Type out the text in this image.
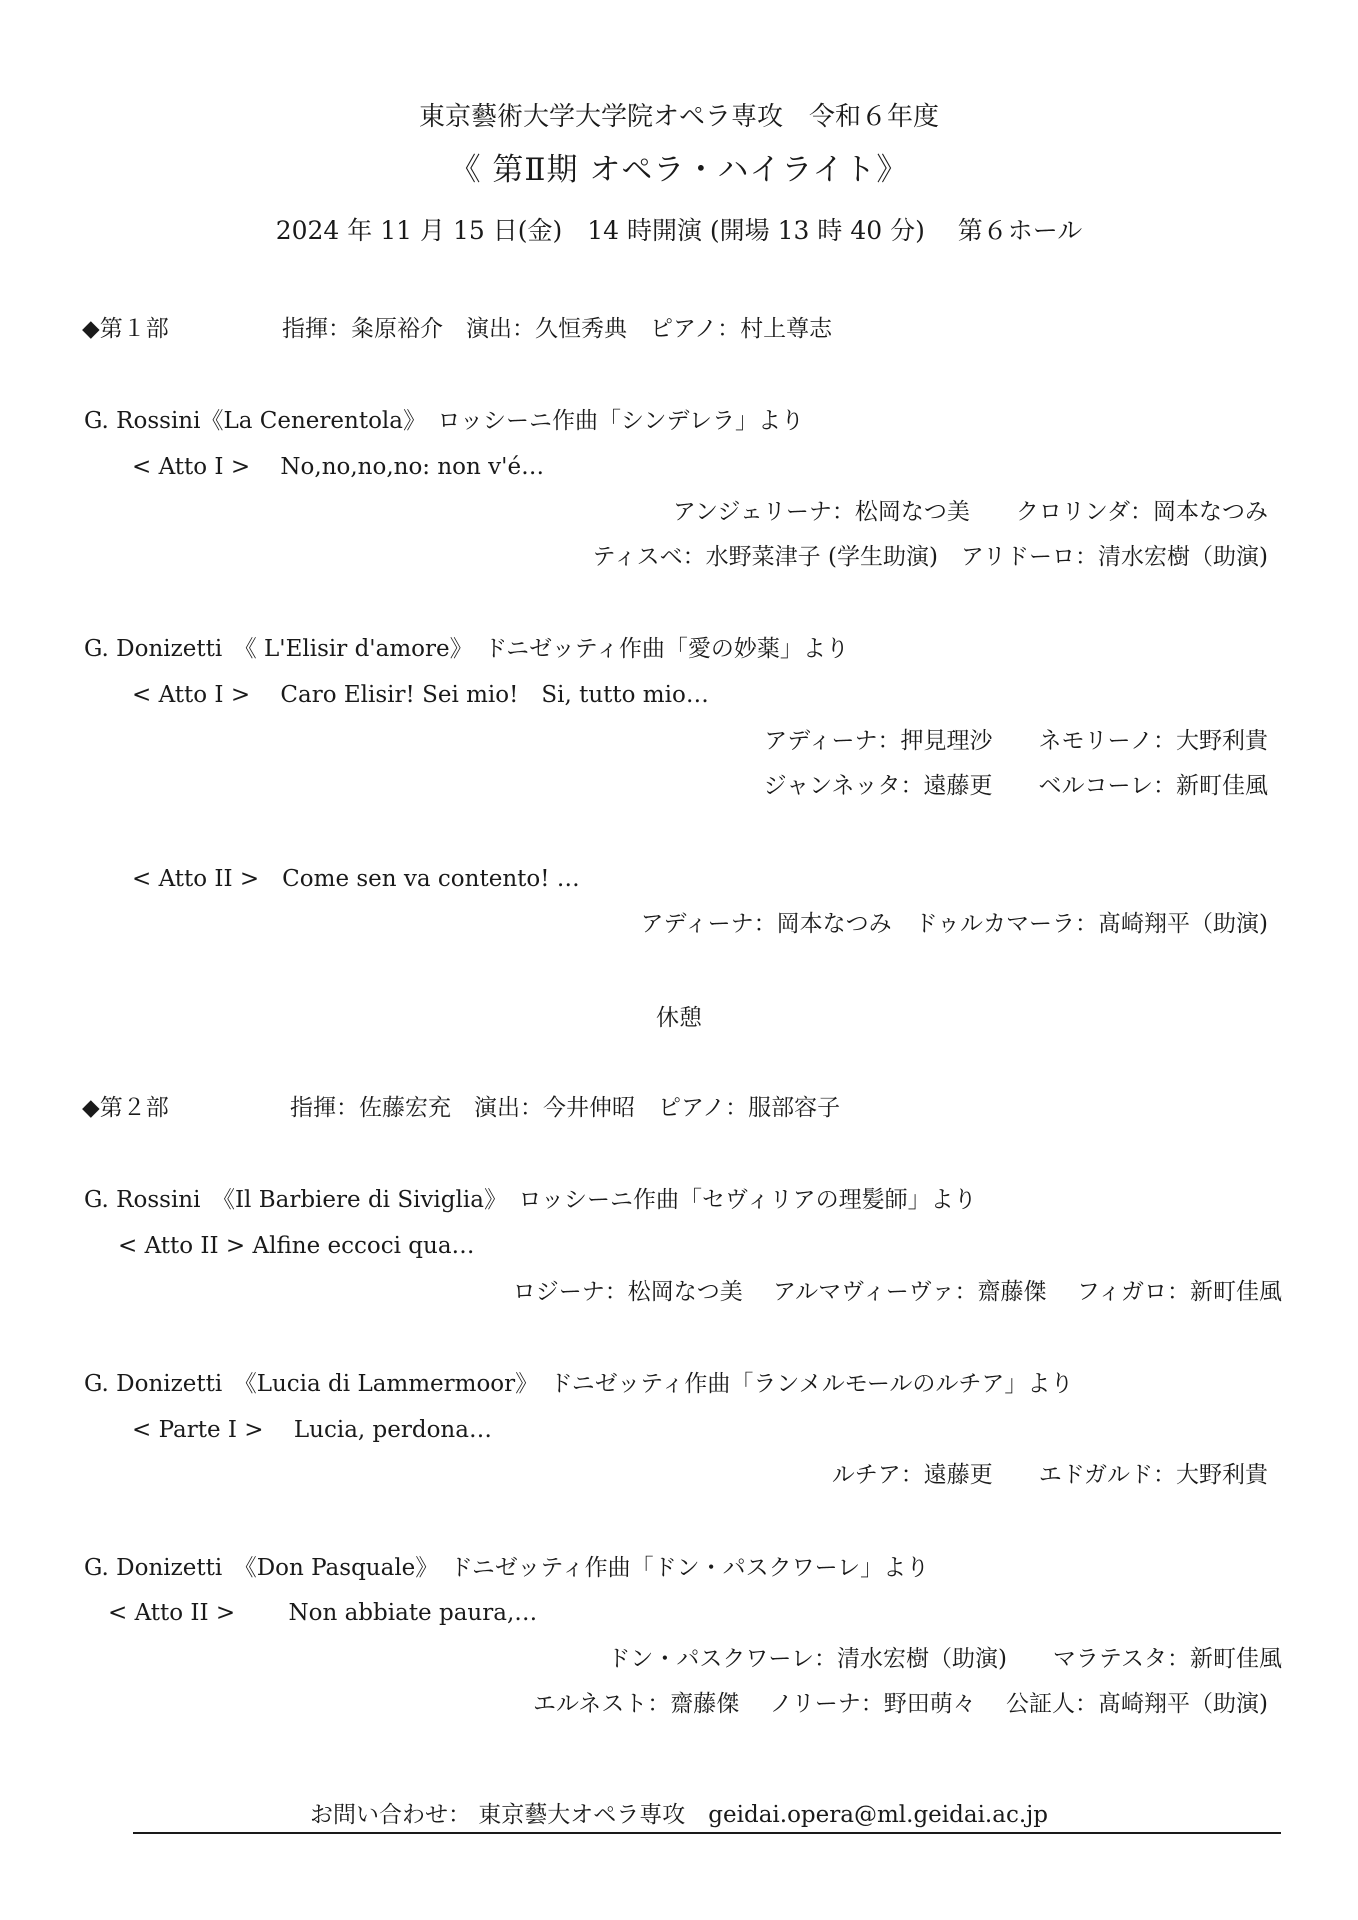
東京藝術大学大学院オペラ専攻　令和６年度
《 第Ⅱ期 オペラ・ハイライト》
2024 年 11 月 15 日(金)　14 時開演 (開場 13 時 40 分)　 第６ホール
◆第１部	指揮：粂原裕介　演出：久恒秀典　ピアノ：村上尊志
G. Rossini《La Cenerentola》　ロッシーニ作曲「シンデレラ」より
< Atto I >　 No,no,no,no: non v'é…
アンジェリーナ：松岡なつ美　　クロリンダ：岡本なつみ
ティスベ：水野菜津子 (学生助演)　アリドーロ：清水宏樹（助演)
G. Donizetti　《 L'Elisir d'amore》　ドニゼッティ作曲「愛の妙薬」より
< Atto I >　 Caro Elisir! Sei mio!　Si, tutto mio…
アディーナ：押見理沙　　ネモリーノ：大野利貴
ジャンネッタ：遠藤更　　ベルコーレ：新町佳風
< Atto II >　Come sen va contento! …
アディーナ：岡本なつみ　ドゥルカマーラ：髙崎翔平（助演)
休憩
◆第２部	指揮：佐藤宏充　演出：今井伸昭　ピアノ：服部容子
G. Rossini　《Il Barbiere di Siviglia》　ロッシーニ作曲「セヴィリアの理髪師」より
< Atto II > Alfine eccoci qua…
ロジーナ：松岡なつ美　 アルマヴィーヴァ：齋藤傑　 フィガロ：新町佳風
G. Donizetti　《Lucia di Lammermoor》　ドニゼッティ作曲「ランメルモールのルチア」より
< Parte I >　 Lucia, perdona…
ルチア：遠藤更　　エドガルド：大野利貴
G. Donizetti　《Don Pasquale》　ドニゼッティ作曲「ドン・パスクワーレ」より
< Atto II >　　 Non abbiate paura,…
ドン・パスクワーレ：清水宏樹（助演)　　マラテスタ：新町佳風
エルネスト：齋藤傑　 ノリーナ：野田萌々　 公証人：髙崎翔平（助演)
お問い合わせ： 東京藝大オペラ専攻　geidai.opera@ml.geidai.ac.jp
